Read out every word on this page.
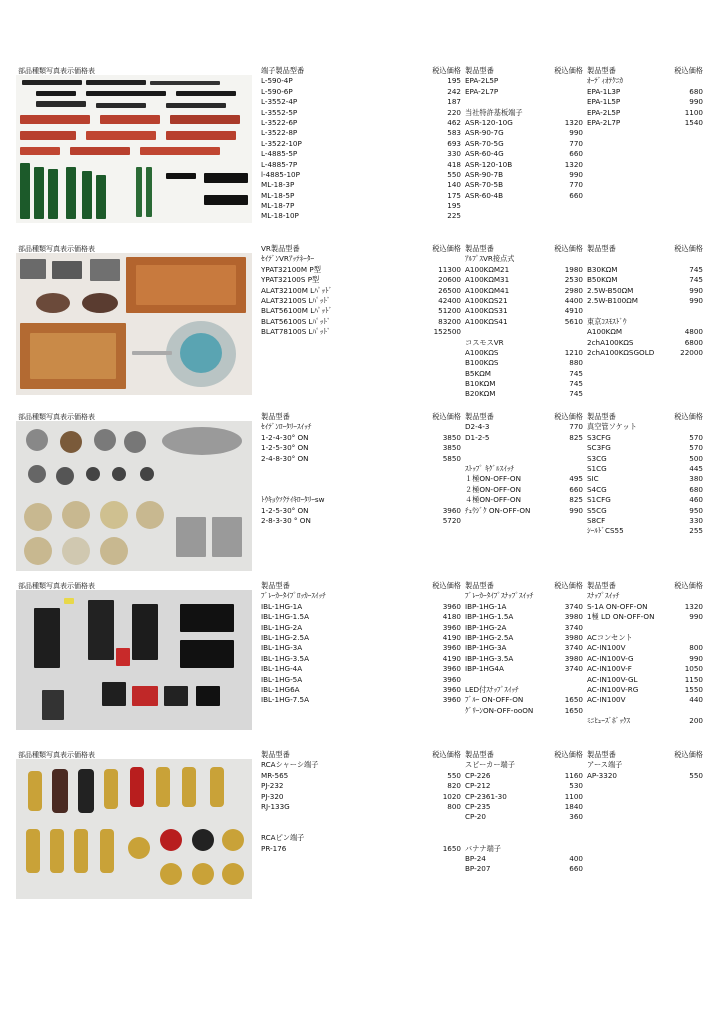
部品種類写真表示価格表	端子製品型番	税込価格
L-590-4P	195
L-590-6P	242
L-3552-4P	187
L-3552-5P	220
L-3522-6P	462
L-3522-8P	583
L-3522-10P	693
L-4885-5P	330
L-4885-7P	418
l-4885-10P	550
ML-18-3P	140
ML-18-5P	175
ML-18-7P	195
ML-18-10P	225
製品型番	税込価格
EPA-2L5P
EPA-2L7P
当社特許基板端子
ASR-120-10G	1320
ASR-90-7G	990
ASR-70-5G	770
ASR-60-4G	660
ASR-120-10B	1320
ASR-90-7B	990
ASR-70-5B	770
ASR-60-4B	660
製品型番	税込価格
ｵｰﾃﾞｨｵﾃｸﾆｶ
EPA-1L3P	680
EPA-1L5P	990
EPA-2L5P	1100
EPA-2L7P	1540
部品種類写真表示価格表	VR製品型番	税込価格
ｾｲﾃﾞﾝVRｱｯﾃﾈｰﾀｰ
YPAT32100M P型	11300
YPAT32100S P型	20600
ALAT32100M Lﾊﾟｯﾄﾞ	26500
ALAT32100S Lﾊﾟｯﾄﾞ	42400
BLAT56100M Lﾊﾟｯﾄﾞ	51200
BLAT56100S Lﾊﾟｯﾄﾞ	83200
BLAT78100S Lﾊﾟｯﾄﾞ	152500
製品型番	税込価格
ｱﾙﾌﾟｽVR接点式
A100KΩM21	1980
A100KΩM31	2530
A100KΩM41	2980
A100KΩS21	4400
A100KΩS31	4910
A100KΩS41	5610
コスモスVR
A100KΩS	1210
B100KΩS	880
B5KΩM	745
B10KΩM	745
B20KΩM	745
製品型番	税込価格
B30KΩM	745
B50KΩM	745
2.5W-B50ΩM	990
2.5W-B100ΩM	990
東京ｺｽﾓｽﾄﾞｳ
A100KΩM	4800
2chA100KΩS	6800
2chA100KΩSGOLD	22000
部品種類写真表示価格表	製品型番	税込価格
ｾｲﾃﾞﾝﾛｰﾀﾘｰｽｲｯﾁ
1-2-4-30° ON	3850
1-2-5-30° ON	3850
2-4-8-30° ON	5850
ﾄｳｷｮｳｿｸﾃｲｷﾛｰﾀﾘｰsw
1-2-5-30° ON	3960
2-8-3-30 ° ON	5720
製品型番	税込価格
D2-4-3	770
D1-2-5	825
ｽﾄｯﾌﾟ ｷｸﾞﾙｽｲｯﾁ
１極ON-OFF-ON	495
２極ON-OFF-ON	660
４極ON-OFF-ON	825
ﾁｭｳｼﾞｸ ON-OFF-ON	990
製品型番	税込価格
真空管ソケット
S3CFG	570
SC3FG	570
S3CG	500
S1CG	445
SIC	380
S4CG	680
S1CFG	460
S5CG	950
S8CF	330
ｼｰﾙﾄﾞCS55	255
部品種類写真表示価格表	製品型番	税込価格
ﾌﾞﾚｰｶｰﾀｲﾌﾟﾛｯｶｰｽｲｯﾁ
IBL-1HG-1A	3960
IBL-1HG-1.5A	4180
IBL-1HG-2A	3960
IBL-1HG-2.5A	4190
IBL-1HG-3A	3960
IBL-1HG-3.5A	4190
IBL-1HG-4A	3960
IBL-1HG-5A	3960
IBL-1HG6A	3960
IBL-1HG-7.5A	3960
製品型番	税込価格
ﾌﾞﾚｰｶｰﾀｲﾌﾟｽﾅｯﾌﾟｽｲｯﾁ
IBP-1HG-1A	3740
IBP-1HG-1.5A	3980
IBP-1HG-2A	3740
IBP-1HG-2.5A	3980
IBP-1HG-3A	3740
IBP-1HG-3.5A	3980
IBP-1HG4A	3740
LED付ｽﾅｯﾌﾟｽｲｯﾁ
ﾌﾞﾙｰ ON-OFF-ON	1650
ｸﾞﾘｰﾝON-OFF-ooON	1650
製品型番	税込価格
ｽﾅｯﾌﾟｽｲｯﾁ
S-1A ON-OFF-ON	1320
1極 LD ON-OFF-ON	990
ACコンセント
AC-IN100V	800
AC-IN100V-G	990
AC-IN100V-F	1050
AC-IN100V-GL	1150
AC-IN100V-RG	1550
AC-IN100V	440
ﾐﾆﾋｭｰｽﾞﾎﾞｯｸｽ	200
部品種類写真表示価格表	製品型番	税込価格
RCAシャーシ端子
MR-565	550
PJ-232	820
PJ-320	1020
RJ-133G	800
RCAピン端子
PR-176	1650
製品型番	税込価格
スピーカー端子
CP-226	1160
CP-212	530
CP-2361-30	1100
CP-235	1840
CP-20	360
バナナ端子
BP-24	400
BP-207	660
製品型番	税込価格
アース端子
AP-3320	550
